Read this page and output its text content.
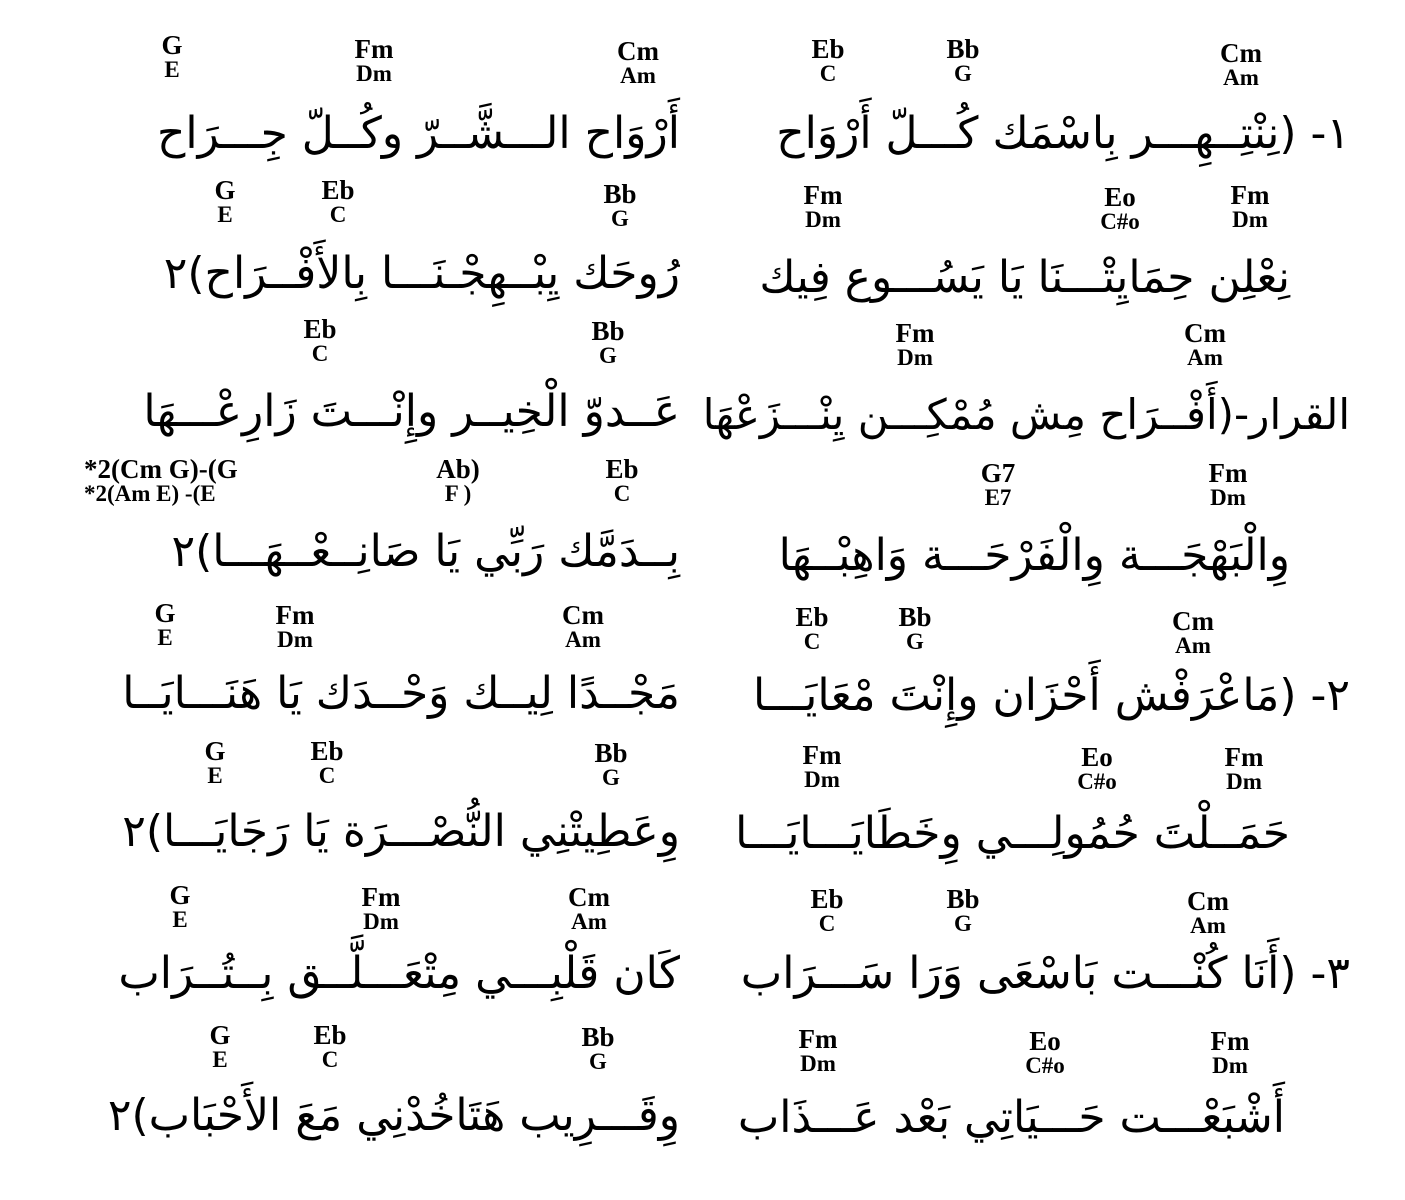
G
E
Fm
Dm
Cm
Am
أَرْوَاح الـــشَّــرّ وكُــلّ جِـــرَاح
G
E
Eb
C
Bb
G
رُوحَك يِبْــهِجْـنَـــا بِالأَفْــرَاح)٢
Eb
C
Bb
G
عَــدوّ الْخِيــر وإِنْـــتَ زَارِعْـــهَا
*2(Cm G)-(G
*2(Am E) -(E
Ab)
F )
Eb
C
بِــدَمَّك رَبِّي يَا صَانِــعْــهَـــا)٢
G
E
Fm
Dm
Cm
Am
مَجْــدًا لِيــك وَحْــدَك يَا هَنَـــايَــا
G
E
Eb
C
Bb
G
وِعَطِيتْنِي النُّصْـــرَة يَا رَجَايَـــا)٢
G
E
Fm
Dm
Cm
Am
كَان قَلْبِـــي مِتْعَـــلَّــق بِــتُــرَاب
G
E
Eb
C
Bb
G
وِقَـــرِيب هَتَاخُدْنِي مَعَ الأَحْبَاب)٢
Eb
C
Bb
G
Cm
Am
١- (نِنْتِــهِـــر بِاسْمَك كُـــلّ أَرْوَاح
Fm
Dm
Eo
C#o
Fm
Dm
نِعْلِن حِمَايِتْـــنَا يَا يَسُـــوع فِيك
Fm
Dm
Cm
Am
القرار-(أَفْــرَاح مِش مُمْكِـــن يِنْـــزَعْهَا
G7
E7
Fm
Dm
وِالْبَهْجَـــة وِالْفَرْحَـــة وَاهِبْــهَا
Eb
C
Bb
G
Cm
Am
٢- (مَاعْرَفْش أَحْزَان وإِنْتَ مْعَايَـــا
Fm
Dm
Eo
C#o
Fm
Dm
حَمَــلْتَ حُمُولِـــي وِخَطَايَـــايَـــا
Eb
C
Bb
G
Cm
Am
٣- (أَنَا كُنْـــت بَاسْعَى وَرَا سَـــرَاب
Fm
Dm
Eo
C#o
Fm
Dm
أَشْبَعْـــت حَـــيَاتِي بَعْد عَـــذَاب
